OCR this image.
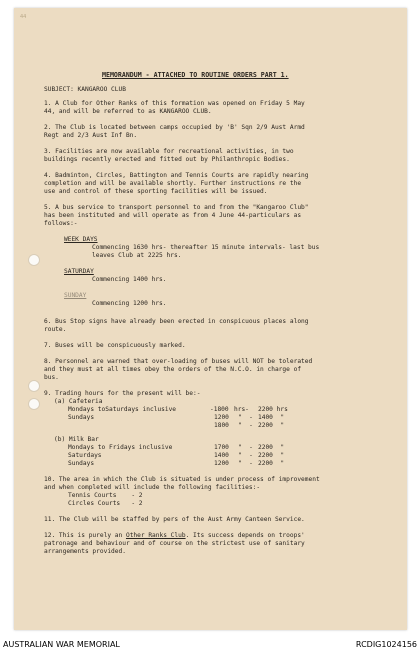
44
MEMORANDUM - ATTACHED TO ROUTINE ORDERS PART 1.
SUBJECT: KANGAROO CLUB
1. A Club for Other Ranks of this formation was opened on Friday 5 May
44, and will be referred to as KANGAROO CLUB.
2. The Club is located between camps occupied by 'B' Sqn 2/9 Aust Armd
Regt and 2/3 Aust Inf Bn.
3. Facilities are now available for recreational activities, in two
buildings recently erected and fitted out by Philanthropic Bodies.
4. Badminton, Circles, Battington and Tennis Courts are rapidly nearing
completion and will be available shortly. Further instructions re the
use and control of these sporting facilities will be issued.
5. A bus service to transport personnel to and from the "Kangaroo Club"
has been instituted and will operate as from 4 June 44-particulars as
follows:-
WEEK DAYS
Commencing 1630 hrs- thereafter 15 minute intervals- last bus
leaves Club at 2225 hrs.
SATURDAY
Commencing 1400 hrs.
SUNDAY
Commencing 1200 hrs.
6. Bus Stop signs have already been erected in conspicuous places along
route.
7. Buses will be conspicuously marked.
8. Personnel are warned that over-loading of buses will NOT be tolerated
and they must at all times obey the orders of the N.C.O. in charge of
bus.
9. Trading hours for the present will be:-
(a) Cafeteria
Mondays toSaturdays inclusive	-1800 hrs- 2200 hrs
Sundays	1200 "  - 1400  "
1800 "  - 2200  "
(b) Milk Bar
Mondays to Fridays inclusive	1700 "  - 2200  "
Saturdays	1400 "  - 2200  "
Sundays	1200 "  - 2200  "
10. The area in which the Club is situated is under process of improvement
and when completed will include the following facilities:-
Tennis Courts    - 2
Circles Courts   - 2
11. The Club will be staffed by pers of the Aust Army Canteen Service.
12. This is purely an Other Ranks Club. Its success depends on troops'
patronage and behaviour and of course on the strictest use of sanitary
arrangements provided.
AUSTRALIAN WAR MEMORIAL	RCDIG1024156
